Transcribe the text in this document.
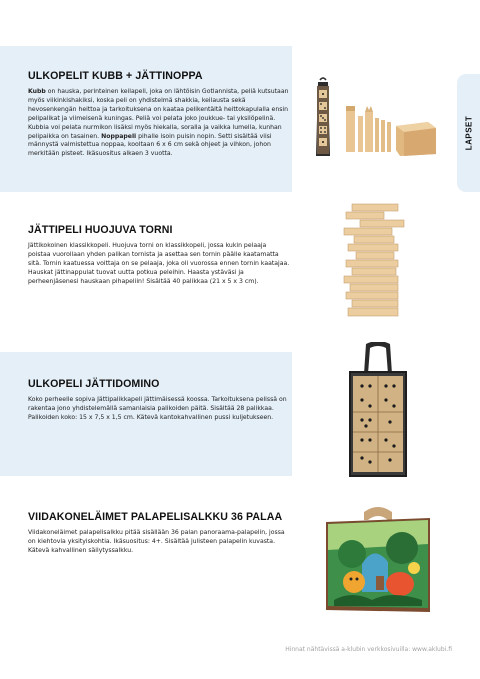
LAPSET
ULKOPELIT KUBB + JÄTTINOPPA

Kubb on hauska, perinteinen keilapeli, joka on lähtöisin Gotlannista, peliä kutsutaan myös viikinkishakiksi, koska peli on yhdistelmä shakkia, keilausta sekä hevosenkengän heittoa ja tarkoituksena on kaataa pelikentältä heittokapulalla ensin pelipalikat ja viimeisenä kuningas. Peliä voi pelata joko joukkue- tai yksilöpelinä. Kubbia voi pelata nurmikon lisäksi myös hiekalla, soralla ja vaikka lumella, kunhan pelipaikka on tasainen. Noppapeli pihalle isoin puisin nopin. Setti sisältää viisi männystä valmistettua noppaa, kooltaan 6 x 6 cm sekä ohjeet ja vihkon, johon merkitään pisteet. Ikäsuositus alkaen 3 vuotta.

JÄTTIPELI HUOJUVA TORNI

Jättikokoinen klassikkopeli. Huojuva torni on klassikkopeli, jossa kukin pelaaja poistaa vuorollaan yhden palikan tornista ja asettaa sen tornin päälle kaatamatta sitä. Tornin kaatuessa voittaja on se pelaaja, joka oli vuorossa ennen tornin kaatajaa. Hauskat jättinappulat tuovat uutta potkua peleihin. Haasta ystäväsi ja perheenjäsenesi hauskaan pihapeliin! Sisältää 40 palikkaa (21 x 5 x 3 cm).

ULKOPELI JÄTTIDOMINO

Koko perheelle sopiva Jättipalikkapeli jättimäisessä koossa. Tarkoituksena pelissä on rakentaa jono yhdistelemällä samanlaisia palikoiden päitä. Sisältää 28 palikkaa. Palikoiden koko: 15 x 7,5 x 1,5 cm. Kätevä kantokahvallinen pussi kuljetukseen.

VIIDAKONELÄIMET PALAPELISALKKU 36 PALAA

Viidakoneläimet palapelisalkku pitää sisällään 36 palan panoraama-palapelin, jossa on kiehtovia yksityiskohtia. Ikäsuositus: 4+. Sisältää julisteen palapelin kuvasta. Kätevä kahvallinen säilytyssalkku.

Hinnat nähtävissä a-klubin verkkosivuilla: www.aklubi.fi
